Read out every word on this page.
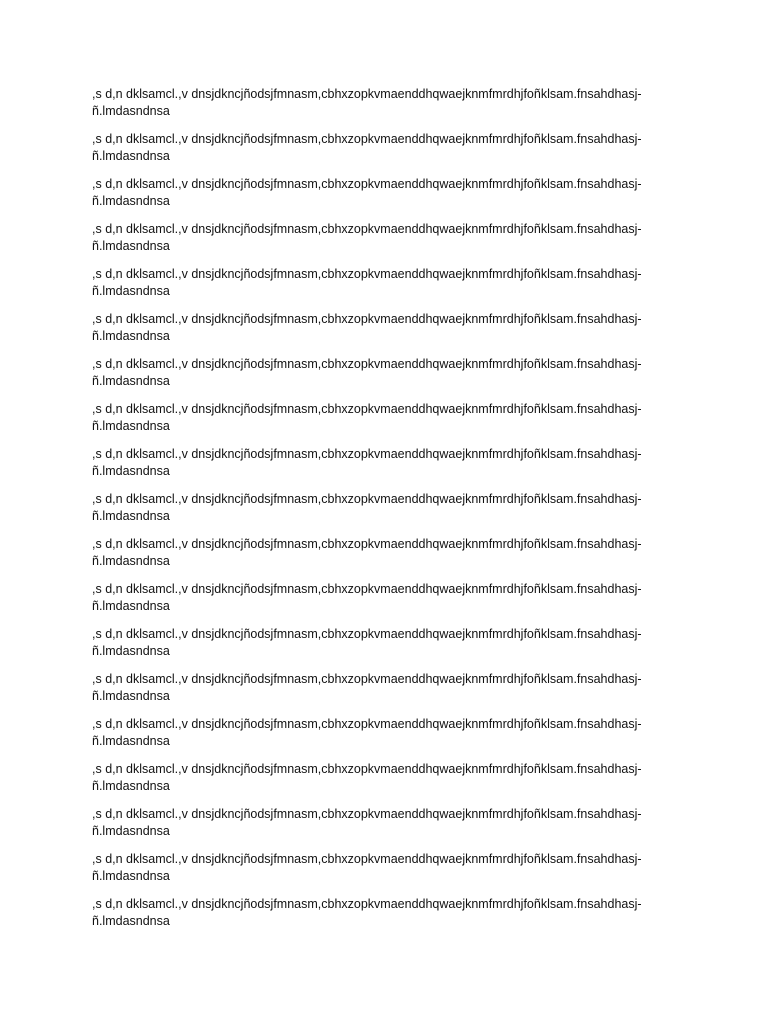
,s d,n dklsamcl.,v dnsjdkncjñodsjfmnasm,cbhxzopkvmaenddhqwaejknmfmrdhjfoñklsam.fnsahdhasj-
ñ.lmdasndnsa

,s d,n dklsamcl.,v dnsjdkncjñodsjfmnasm,cbhxzopkvmaenddhqwaejknmfmrdhjfoñklsam.fnsahdhasj-
ñ.lmdasndnsa

,s d,n dklsamcl.,v dnsjdkncjñodsjfmnasm,cbhxzopkvmaenddhqwaejknmfmrdhjfoñklsam.fnsahdhasj-
ñ.lmdasndnsa

,s d,n dklsamcl.,v dnsjdkncjñodsjfmnasm,cbhxzopkvmaenddhqwaejknmfmrdhjfoñklsam.fnsahdhasj-
ñ.lmdasndnsa

,s d,n dklsamcl.,v dnsjdkncjñodsjfmnasm,cbhxzopkvmaenddhqwaejknmfmrdhjfoñklsam.fnsahdhasj-
ñ.lmdasndnsa

,s d,n dklsamcl.,v dnsjdkncjñodsjfmnasm,cbhxzopkvmaenddhqwaejknmfmrdhjfoñklsam.fnsahdhasj-
ñ.lmdasndnsa

,s d,n dklsamcl.,v dnsjdkncjñodsjfmnasm,cbhxzopkvmaenddhqwaejknmfmrdhjfoñklsam.fnsahdhasj-
ñ.lmdasndnsa

,s d,n dklsamcl.,v dnsjdkncjñodsjfmnasm,cbhxzopkvmaenddhqwaejknmfmrdhjfoñklsam.fnsahdhasj-
ñ.lmdasndnsa

,s d,n dklsamcl.,v dnsjdkncjñodsjfmnasm,cbhxzopkvmaenddhqwaejknmfmrdhjfoñklsam.fnsahdhasj-
ñ.lmdasndnsa

,s d,n dklsamcl.,v dnsjdkncjñodsjfmnasm,cbhxzopkvmaenddhqwaejknmfmrdhjfoñklsam.fnsahdhasj-
ñ.lmdasndnsa

,s d,n dklsamcl.,v dnsjdkncjñodsjfmnasm,cbhxzopkvmaenddhqwaejknmfmrdhjfoñklsam.fnsahdhasj-
ñ.lmdasndnsa

,s d,n dklsamcl.,v dnsjdkncjñodsjfmnasm,cbhxzopkvmaenddhqwaejknmfmrdhjfoñklsam.fnsahdhasj-
ñ.lmdasndnsa

,s d,n dklsamcl.,v dnsjdkncjñodsjfmnasm,cbhxzopkvmaenddhqwaejknmfmrdhjfoñklsam.fnsahdhasj-
ñ.lmdasndnsa

,s d,n dklsamcl.,v dnsjdkncjñodsjfmnasm,cbhxzopkvmaenddhqwaejknmfmrdhjfoñklsam.fnsahdhasj-
ñ.lmdasndnsa

,s d,n dklsamcl.,v dnsjdkncjñodsjfmnasm,cbhxzopkvmaenddhqwaejknmfmrdhjfoñklsam.fnsahdhasj-
ñ.lmdasndnsa

,s d,n dklsamcl.,v dnsjdkncjñodsjfmnasm,cbhxzopkvmaenddhqwaejknmfmrdhjfoñklsam.fnsahdhasj-
ñ.lmdasndnsa

,s d,n dklsamcl.,v dnsjdkncjñodsjfmnasm,cbhxzopkvmaenddhqwaejknmfmrdhjfoñklsam.fnsahdhasj-
ñ.lmdasndnsa

,s d,n dklsamcl.,v dnsjdkncjñodsjfmnasm,cbhxzopkvmaenddhqwaejknmfmrdhjfoñklsam.fnsahdhasj-
ñ.lmdasndnsa

,s d,n dklsamcl.,v dnsjdkncjñodsjfmnasm,cbhxzopkvmaenddhqwaejknmfmrdhjfoñklsam.fnsahdhasj-
ñ.lmdasndnsa
